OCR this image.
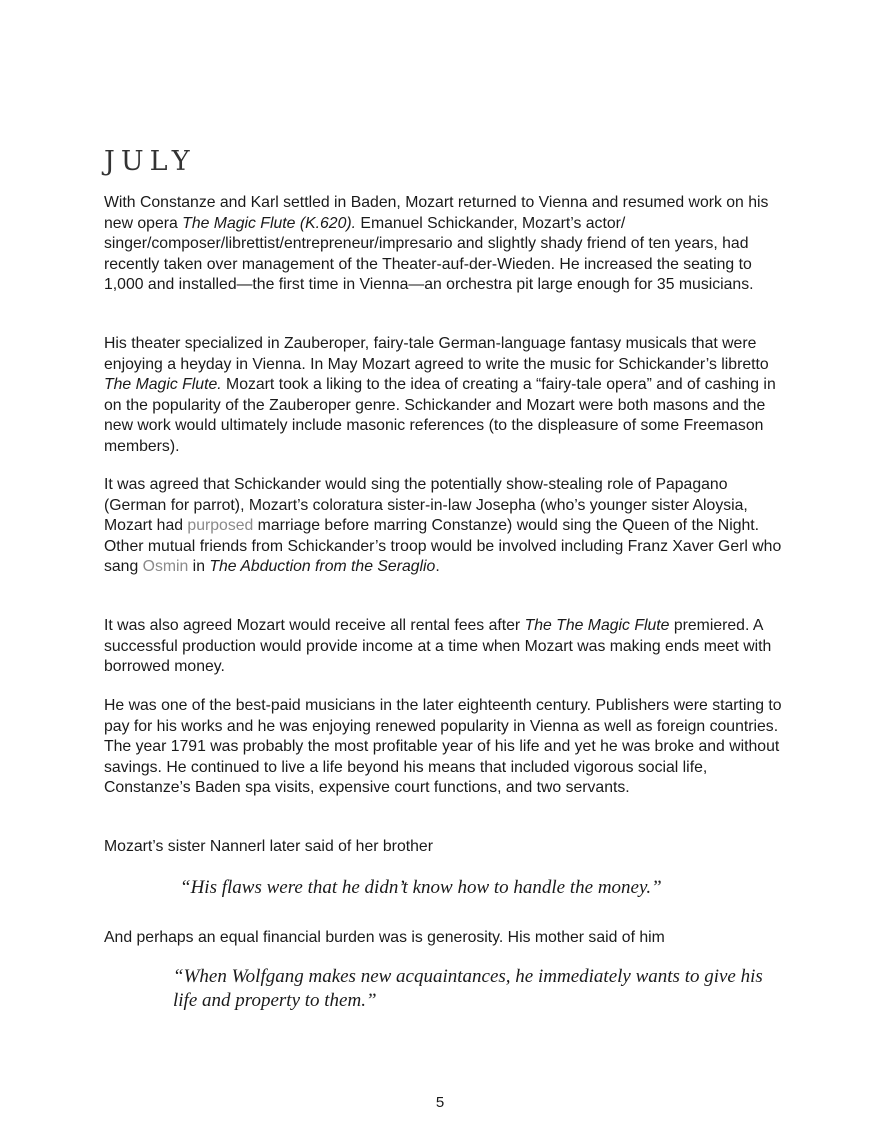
JULY

With Constanze and Karl settled in Baden, Mozart returned to Vienna and resumed work on his new opera The Magic Flute (K.620). Emanuel Schickander, Mozart’s actor/ singer/composer/librettist/entrepreneur/impresario and slightly shady friend of ten years, had recently taken over management of the Theater-auf-der-Wieden. He increased the seating to 1,000 and installed—the first time in Vienna—an orchestra pit large enough for 35 musicians.

His theater specialized in Zauberoper, fairy-tale German-language fantasy musicals that were enjoying a heyday in Vienna. In May Mozart agreed to write the music for Schickander’s libretto The Magic Flute. Mozart took a liking to the idea of creating a “fairy-tale opera” and of cashing in on the popularity of the Zauberoper genre. Schickander and Mozart were both masons and the new work would ultimately include masonic references (to the displeasure of some Freemason members).

It was agreed that Schickander would sing the potentially show-stealing role of Papagano (German for parrot), Mozart’s coloratura sister-in-law Josepha (who’s younger sister Aloysia, Mozart had purposed marriage before marring Constanze) would sing the Queen of the Night. Other mutual friends from Schickander’s troop would be involved including Franz Xaver Gerl who sang Osmin in The Abduction from the Seraglio.

It was also agreed Mozart would receive all rental fees after The The Magic Flute premiered. A successful production would provide income at a time when Mozart was making ends meet with borrowed money.

He was one of the best-paid musicians in the later eighteenth century. Publishers were starting to pay for his works and he was enjoying renewed popularity in Vienna as well as foreign countries. The year 1791 was probably the most profitable year of his life and yet he was broke and without savings. He continued to live a life beyond his means that included vigorous social life, Constanze’s Baden spa visits, expensive court functions, and two servants.

Mozart’s sister Nannerl later said of her brother

“His flaws were that he didn’t know how to handle the money.”

And perhaps an equal financial burden was is generosity. His mother said of him

“When Wolfgang makes new acquaintances, he immediately wants to give his life and property to them.”

5
